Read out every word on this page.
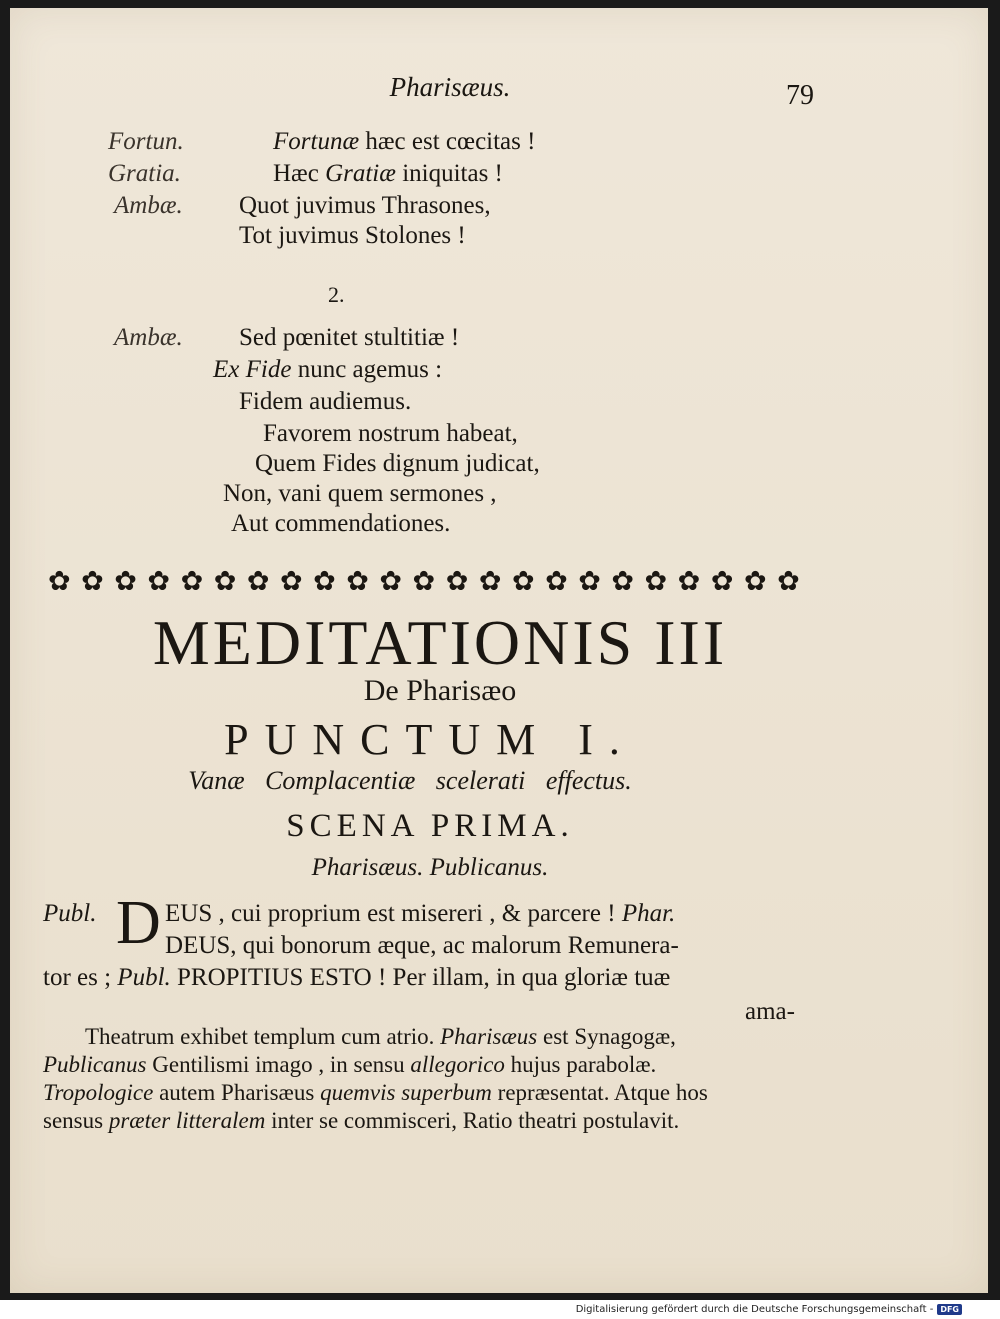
Pharisæus.	79
Fortun.	Fortunæ hæc est cœcitas !
Gratia.	Hæc Gratiæ iniquitas !
Ambæ. Quot juvimus Thrasones,
Tot juvimus Stolones !
2.
Ambæ. Sed pœnitet stultitiæ !
Ex Fide nunc agemus :
Fidem audiemus.
Favorem nostrum habeat,
Quem Fides dignum judicat,
Non, vani quem sermones ,
Aut commendationes.
✿ ✿ ✿ ✿ ✿ ✿ ✿ ✿ ✿ ✿ ✿ ✿ ✿ ✿ ✿ ✿ ✿ ✿ ✿ ✿ ✿ ✿ ✿
MEDITATIONIS III
De Pharisæo
PUNCTUM I.
Vanæ Complacentiæ scelerati effectus.
SCENA PRIMA.
Pharisæus. Publicanus.
Publ. D EUS , cui proprium est misereri , & parcere ! Phar.
DEUS, qui bonorum æque, ac malorum Remunera-
tor es ; Publ. PROPITIUS ESTO ! Per illam, in qua gloriæ tuæ
ama-
Theatrum exhibet templum cum atrio. Pharisæus est Synagogæ,
Publicanus Gentilismi imago , in sensu allegorico hujus parabolæ.
Tropologice autem Pharisæus quemvis superbum repræsentat. Atque hos
sensus præter litteralem inter se commisceri, Ratio theatri postulavit.
Digitalisierung gefördert durch die Deutsche Forschungsgemeinschaft - DFG
